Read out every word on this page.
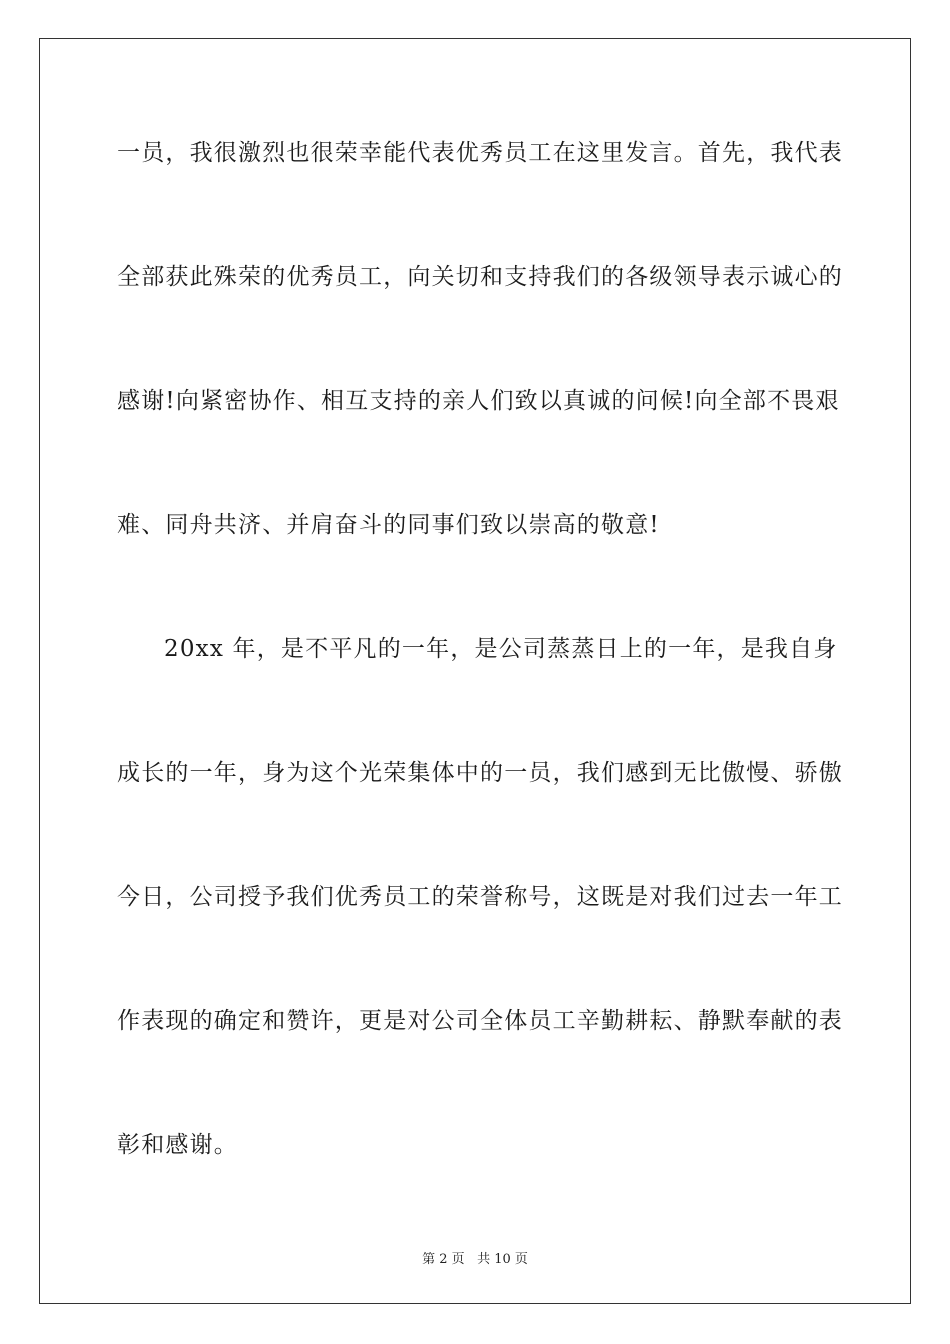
一员，我很激烈也很荣幸能代表优秀员工在这里发言。首先，我代表
全部获此殊荣的优秀员工，向关切和支持我们的各级领导表示诚心的
感谢!向紧密协作、相互支持的亲人们致以真诚的问候!向全部不畏艰
难、同舟共济、并肩奋斗的同事们致以崇高的敬意!
20xx 年，是不平凡的一年，是公司蒸蒸日上的一年，是我自身
成长的一年，身为这个光荣集体中的一员，我们感到无比傲慢、骄傲
今日，公司授予我们优秀员工的荣誉称号，这既是对我们过去一年工
作表现的确定和赞许，更是对公司全体员工辛勤耕耘、静默奉献的表
彰和感谢。
第 2 页 共 10 页
